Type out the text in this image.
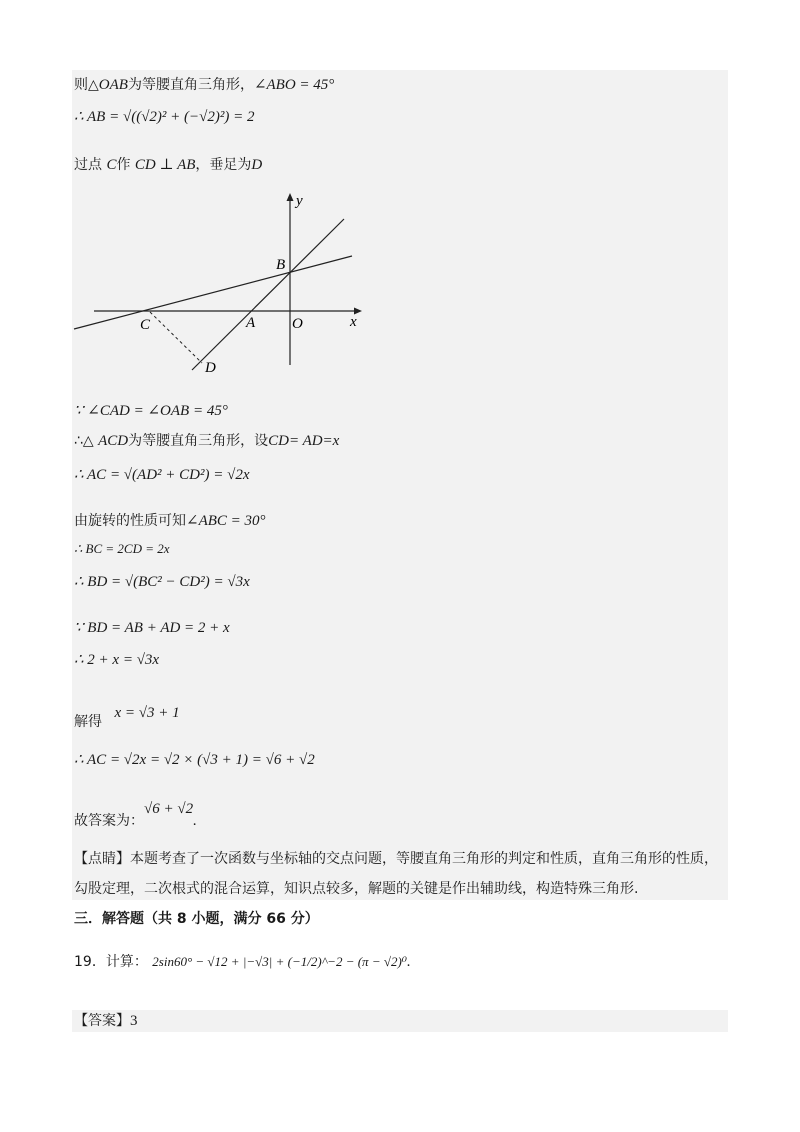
则△OAB为等腰直角三角形，∠ABO = 45°
∴ AB = √((√2)² + (−√2)²) = 2
过点 C作 CD ⊥ AB，垂足为D
y
x
B
C	A O
D
∵ ∠CAD = ∠OAB = 45°
∴△ ACD为等腰直角三角形，设CD= AD=x
∴ AC = √(AD² + CD²) = √2x
由旋转的性质可知∠ABC = 30°
∴ BC = 2CD = 2x
∴ BD = √(BC² − CD²) = √3x
∵ BD = AB + AD = 2 + x
∴ 2 + x = √3x
解得 x = √3 + 1
∴ AC = √2x = √2 × (√3 + 1) = √6 + √2
故答案为：√6 + √2.
【点睛】本题考查了一次函数与坐标轴的交点问题，等腰直角三角形的判定和性质，直角三角形的性质，
勾股定理，二次根式的混合运算，知识点较多，解题的关键是作出辅助线，构造特殊三角形.
三．解答题（共 8 小题，满分 66 分）
19．计算： 2sin60° − √12 + |−√3| + (−1/2)^−2 − (π − √2)⁰.
【答案】3
